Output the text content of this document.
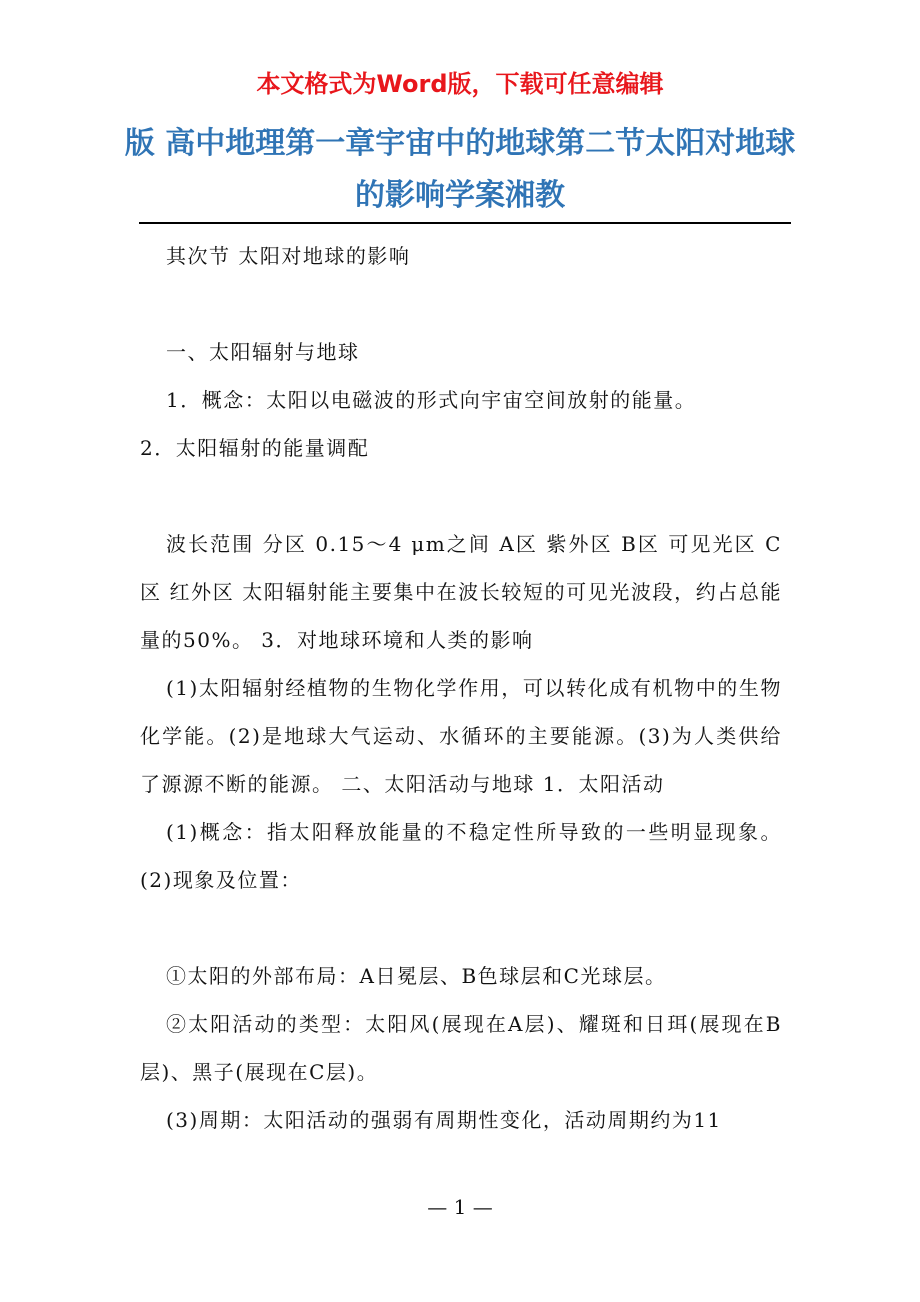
本文格式为Word版，下载可任意编辑
版 高中地理第一章宇宙中的地球第二节太阳对地球的影响学案湘教

其次节 太阳对地球的影响

一、太阳辐射与地球

1．概念：太阳以电磁波的形式向宇宙空间放射的能量。

2．太阳辐射的能量调配

波长范围 分区 0.15～4 μm之间 A区 紫外区 B区 可见光区 C区 红外区 太阳辐射能主要集中在波长较短的可见光波段，约占总能量的50%。 3．对地球环境和人类的影响

(1)太阳辐射经植物的生物化学作用，可以转化成有机物中的生物化学能。(2)是地球大气运动、水循环的主要能源。(3)为人类供给了源源不断的能源。 二、太阳活动与地球 1．太阳活动

(1)概念：指太阳释放能量的不稳定性所导致的一些明显现象。 (2)现象及位置：

①太阳的外部布局：A日冕层、B色球层和C光球层。

②太阳活动的类型：太阳风(展现在A层)、耀斑和日珥(展现在B层)、黑子(展现在C层)。

(3)周期：太阳活动的强弱有周期性变化，活动周期约为11

— 1 —
